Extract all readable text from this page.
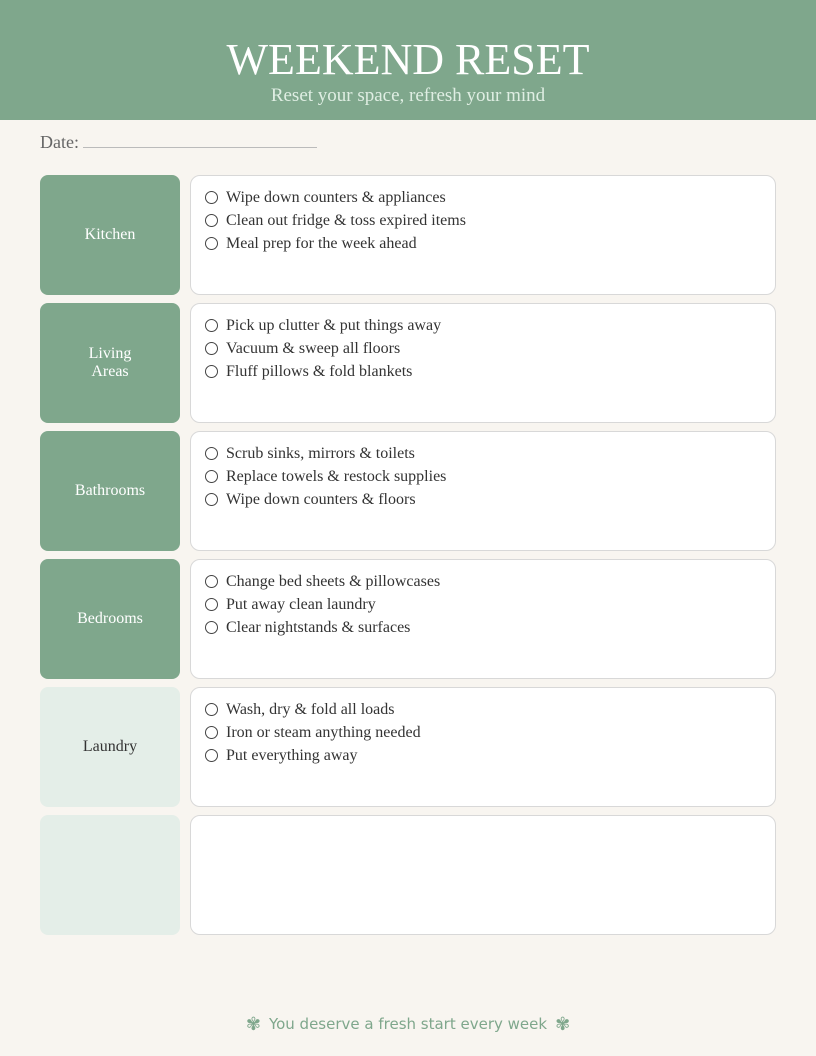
WEEKEND RESET
Reset your space, refresh your mind
Date:
Kitchen
Wipe down counters & appliances
Clean out fridge & toss expired items
Meal prep for the week ahead
Living
Areas
Pick up clutter & put things away
Vacuum & sweep all floors
Fluff pillows & fold blankets
Bathrooms
Scrub sinks, mirrors & toilets
Replace towels & restock supplies
Wipe down counters & floors
Bedrooms
Change bed sheets & pillowcases
Put away clean laundry
Clear nightstands & surfaces
Laundry
Wash, dry & fold all loads
Iron or steam anything needed
Put everything away
✾ You deserve a fresh start every week ✾
